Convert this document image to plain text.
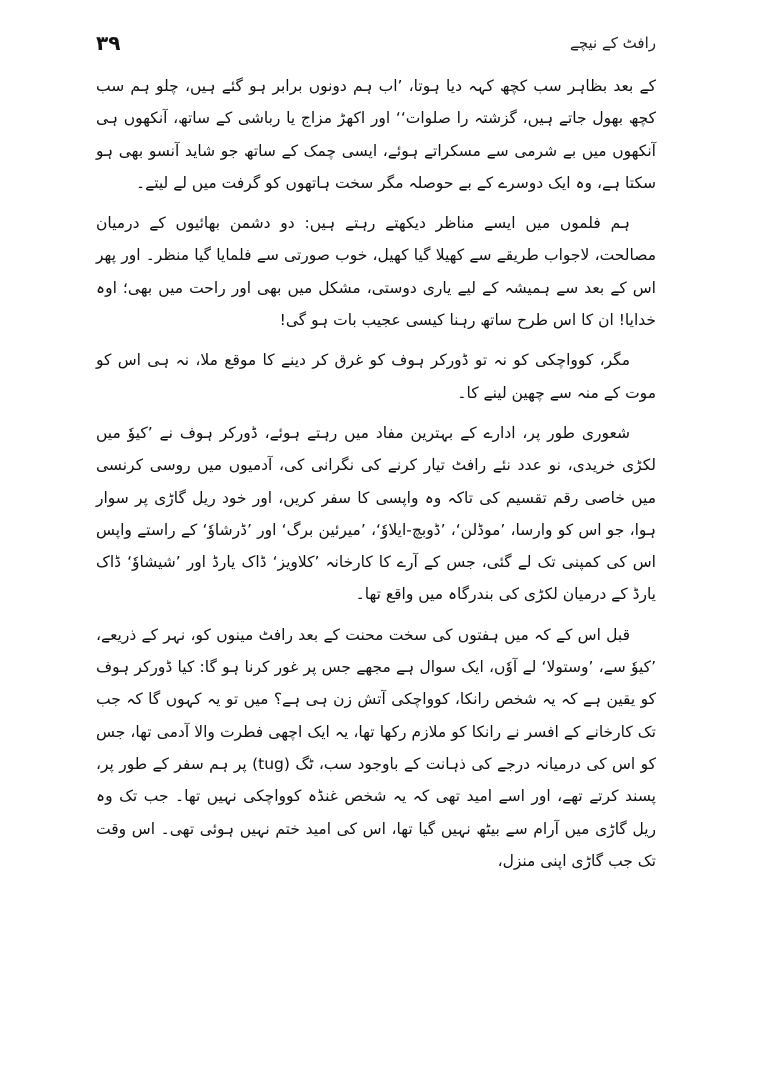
رافٹ کے نیچے
۳۹

کے بعد بظاہر سب کچھ کہہ دیا ہوتا، ’اب ہم دونوں برابر ہو گئے ہیں، چلو ہم سب کچھ بھول جاتے ہیں، گزشتہ را صلوات‘‘ اور اکھڑ مزاج یا رباشی کے ساتھ، آنکھوں ہی آنکھوں میں بے شرمی سے مسکراتے ہوئے، ایسی چمک کے ساتھ جو شاید آنسو بھی ہو سکتا ہے، وہ ایک دوسرے کے بے حوصلہ مگر سخت ہاتھوں کو گرفت میں لے لیتے۔

ہم فلموں میں ایسے مناظر دیکھتے رہتے ہیں: دو دشمن بھائیوں کے درمیان مصالحت، لاجواب طریقے سے کھیلا گیا کھیل، خوب صورتی سے فلمایا گیا منظر۔ اور پھر اس کے بعد سے ہمیشہ کے لیے یاری دوستی، مشکل میں بھی اور راحت میں بھی؛ اوہ خدایا! ان کا اس طرح ساتھ رہنا کیسی عجیب بات ہو گی!

مگر، کوواچکی کو نہ تو ڈورکر ہوف کو غرق کر دینے کا موقع ملا، نہ ہی اس کو موت کے منہ سے چھین لینے کا۔

شعوری طور پر، ادارے کے بہترین مفاد میں رہتے ہوئے، ڈورکر ہوف نے ’کیوٗ میں لکڑی خریدی، نو عدد نئے رافٹ تیار کرنے کی نگرانی کی، آدمیوں میں روسی کرنسی میں خاصی رقم تقسیم کی تاکہ وہ واپسی کا سفر کریں، اور خود ریل گاڑی پر سوار ہوا، جو اس کو وارسا، ’موڈلن‘، ’ڈوبچ-ایلاوٗ‘، ’میرئین برگ‘ اور ’ڈرشاوٗ‘ کے راستے واپس اس کی کمپنی تک لے گئی، جس کے آرے کا کارخانہ ’کلاویز‘ ڈاک یارڈ اور ’شیشاوٗ‘ ڈاک یارڈ کے درمیان لکڑی کی بندرگاہ میں واقع تھا۔

قبل اس کے کہ میں ہفتوں کی سخت محنت کے بعد رافٹ مینوں کو، نہر کے ذریعے، ’کیوٗ سے، ’وستولا‘ لے آوٗں، ایک سوال ہے مجھے جس پر غور کرنا ہو گا: کیا ڈورکر ہوف کو یقین ہے کہ یہ شخص رانکا، کوواچکی آتش زن ہی ہے؟ میں تو یہ کہوں گا کہ جب تک کارخانے کے افسر نے رانکا کو ملازم رکھا تھا، یہ ایک اچھی فطرت والا آدمی تھا، جس کو اس کی درمیانہ درجے کی ذہانت کے باوجود سب، ٹگ (tug) پر ہم سفر کے طور پر، پسند کرتے تھے، اور اسے امید تھی کہ یہ شخص غنڈہ کوواچکی نہیں تھا۔ جب تک وہ ریل گاڑی میں آرام سے بیٹھ نہیں گیا تھا، اس کی امید ختم نہیں ہوئی تھی۔ اس وقت تک جب گاڑی اپنی منزل،
